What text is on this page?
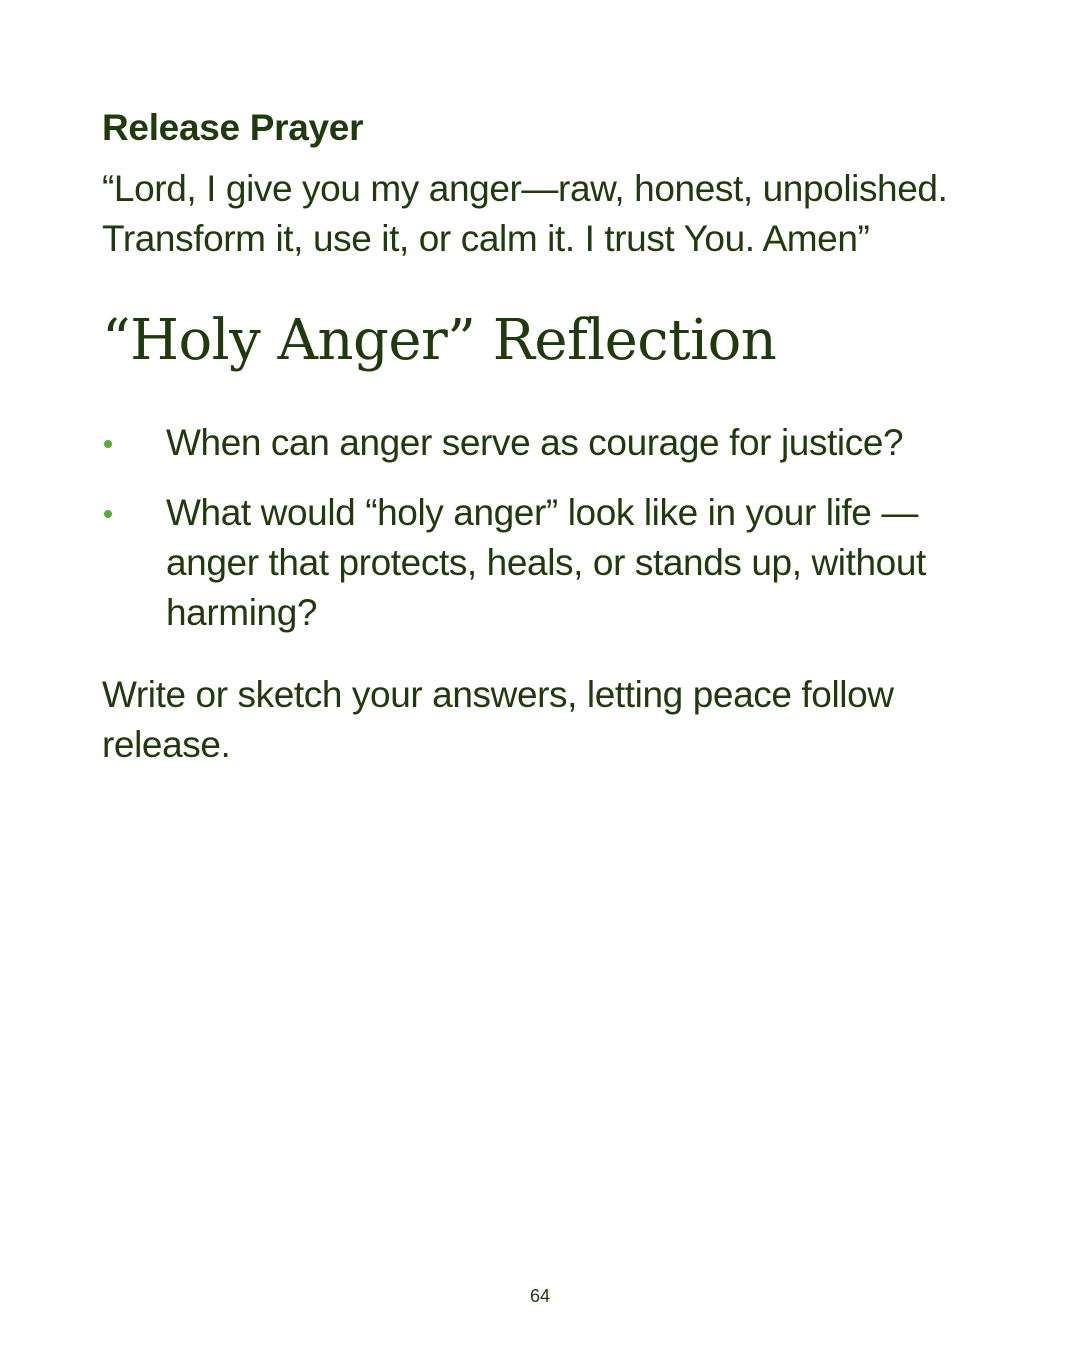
Release Prayer

“Lord, I give you my anger—raw, honest, unpolished. Transform it, use it, or calm it. I trust You. Amen”

“Holy Anger” Reflection
When can anger serve as courage for justice?
What would “holy anger” look like in your life —anger that protects, heals, or stands up, without harming?

Write or sketch your answers, letting peace follow release.

64
